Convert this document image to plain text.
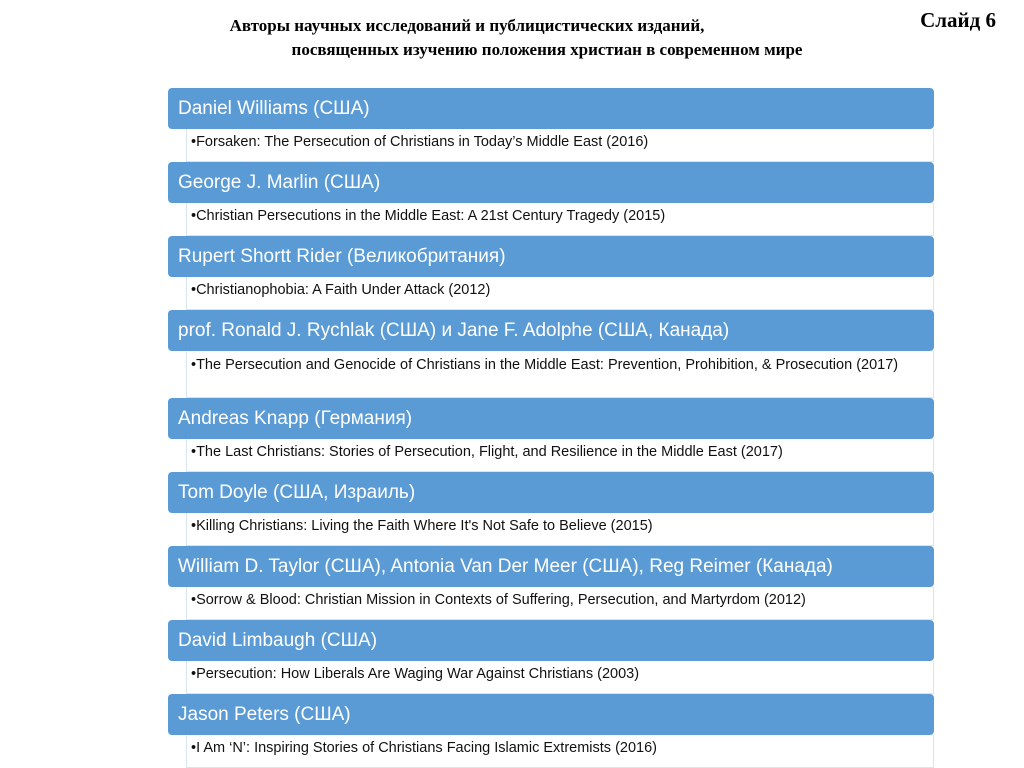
Слайд 6
Авторы научных исследований и публицистических изданий,
посвященных изучению положения христиан в современном мире
Daniel Williams (США)
•Forsaken: The Persecution of Christians in Today’s Middle East (2016)
George J. Marlin (США)
•Christian Persecutions in the Middle East: A 21st Century Tragedy (2015)
Rupert Shortt Rider (Великобритания)
•Christianophobia: A Faith Under Attack (2012)
prof. Ronald J. Rychlak (США) и Jane F. Adolphe (США, Канада)
•The Persecution and Genocide of Christians in the Middle East: Prevention, Prohibition, & Prosecution (2017)
Andreas Knapp (Германия)
•The Last Christians: Stories of Persecution, Flight, and Resilience in the Middle East (2017)
Tom Doyle (США, Израиль)
•Killing Christians: Living the Faith Where It's Not Safe to Believe (2015)
William D. Taylor (США), Antonia Van Der Meer (США), Reg Reimer (Канада)
•Sorrow & Blood: Christian Mission in Contexts of Suffering, Persecution, and Martyrdom (2012)
David Limbaugh (США)
•Persecution: How Liberals Are Waging War Against Christians (2003)
Jason Peters (США)
•I Am ‘N’: Inspiring Stories of Christians Facing Islamic Extremists (2016)
